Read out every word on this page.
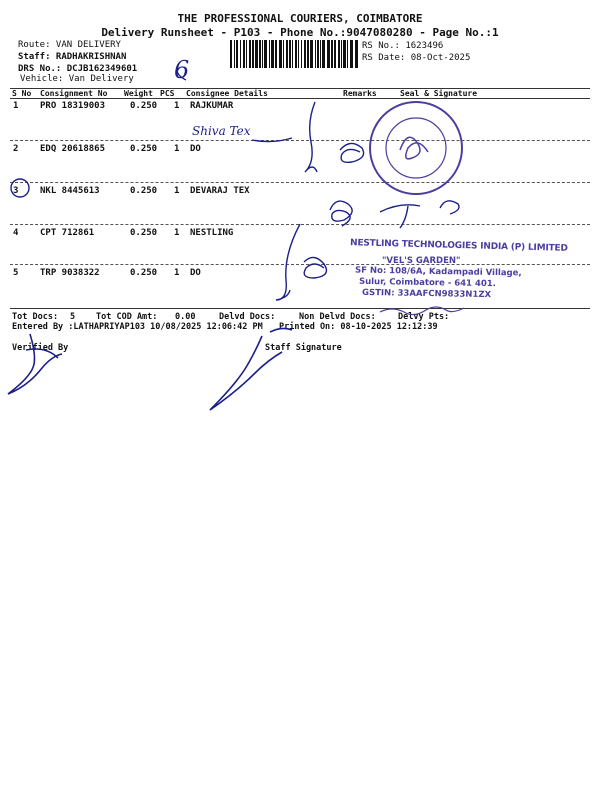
THE PROFESSIONAL COURIERS, COIMBATORE
Delivery Runsheet - P103 - Phone No.:9047080280 - Page No.:1
Route: VAN DELIVERY
Staff: RADHAKRISHNAN
DRS No.: DCJB162349601
Vehicle: Van Delivery
RS No.: 1623496
RS Date: 08-Oct-2025
S No Consignment No Weight PCS Consignee Details	Remarks	Seal & Signature
1 PRO 18319003	0.250 1 RAJKUMAR
2 EDQ 20618865	0.250 1 DO
3 NKL 8445613	0.250 1 DEVARAJ TEX
4 CPT 712861	0.250 1 NESTLING
5 TRP 9038322	0.250 1 DO
Tot Docs: 5 Tot COD Amt: 0.00	Delvd Docs:	Non Delvd Docs:	Delvy Pts:
Entered By :LATHAPRIYAP103 10/08/2025 12:06:42 PM Printed On: 08-10-2025 12:12:39
Verified By	Staff Signature
Shiva Tex
6
NESTLING TECHNOLOGIES INDIA (P) LIMITED
"VEL'S GARDEN"
SF No: 108/6A, Kadampadi Village,
Sulur, Coimbatore - 641 401.
GSTIN: 33AAFCN9833N1ZX
